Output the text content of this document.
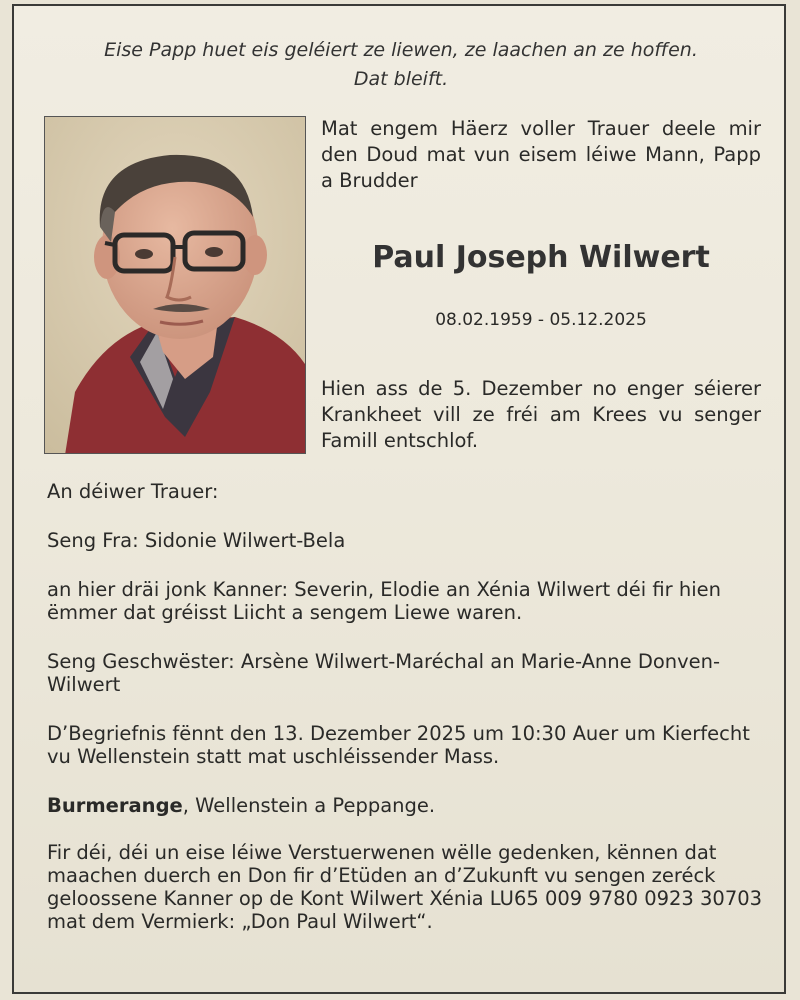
Eise Papp huet eis geléiert ze liewen, ze laachen an ze hoffen.
Dat bleift.
Mat engem Häerz voller Trauer deele mir den Doud mat vun eisem léiwe Mann, Papp a Brudder
Paul Joseph Wilwert
08.02.1959 - 05.12.2025
Hien ass de 5. Dezember no enger séierer Krankheet vill ze fréi am Krees vu senger Famill entschlof.

An déiwer Trauer:

Seng Fra: Sidonie Wilwert-Bela

an hier dräi jonk Kanner: Severin, Elodie an Xénia Wilwert déi fir hien ëmmer dat gréisst Liicht a sengem Liewe waren.

Seng Geschwëster: Arsène Wilwert-Maréchal an Marie-Anne Donven-Wilwert

D’Begriefnis fënnt den 13. Dezember 2025 um 10:30 Auer um Kierfecht vu Wellenstein statt mat uschléissender Mass.

Burmerange, Wellenstein a Peppange.

Fir déi, déi un eise léiwe Verstuerwenen wëlle gedenken, kënnen dat maachen duerch en Don fir d’Etüden an d’Zukunft vu sengen zeréck geloossene Kanner op de Kont Wilwert Xénia LU65 009 9780 0923 30703 mat dem Vermierk: „Don Paul Wilwert“.
